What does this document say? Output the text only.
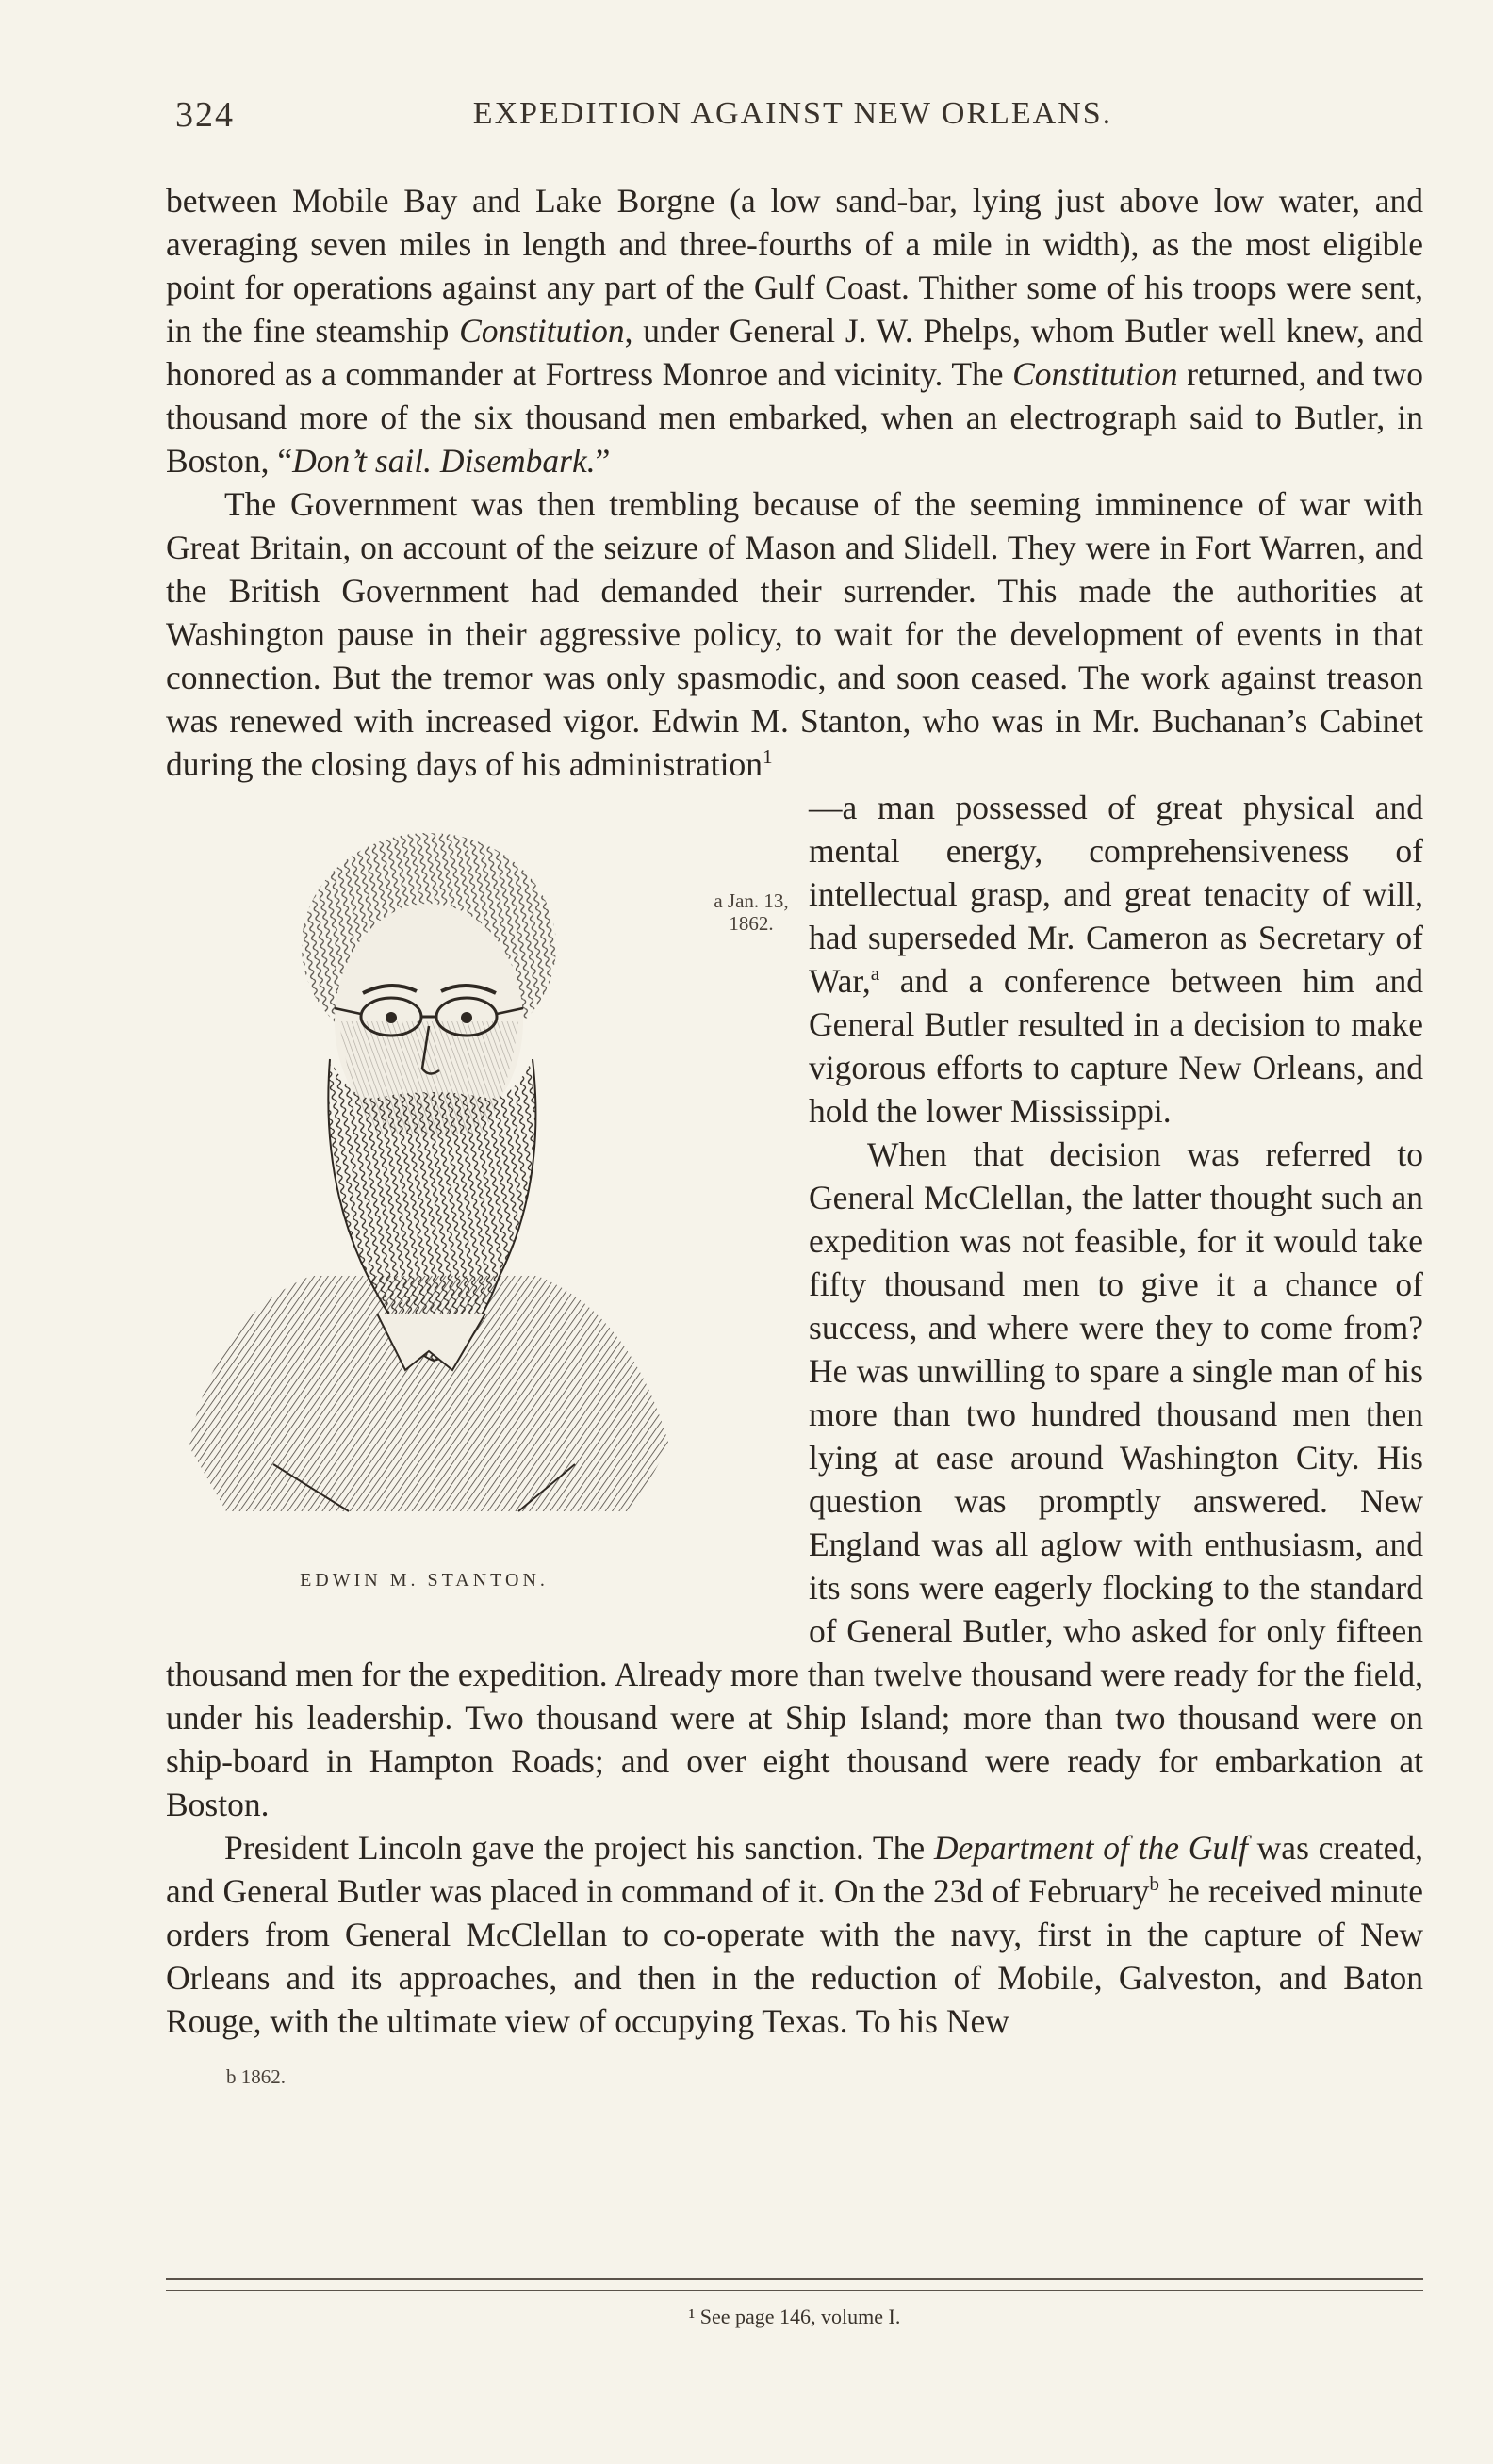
324	EXPEDITION AGAINST NEW ORLEANS.

between Mobile Bay and Lake Borgne (a low sand-bar, lying just above low water, and averaging seven miles in length and three-fourths of a mile in width), as the most eligible point for operations against any part of the Gulf Coast. Thither some of his troops were sent, in the fine steamship Constitution, under General J. W. Phelps, whom Butler well knew, and honored as a commander at Fortress Monroe and vicinity. The Constitution returned, and two thousand more of the six thousand men embarked, when an electrograph said to Butler, in Boston, “Don’t sail. Disembark.”

The Government was then trembling because of the seeming imminence of war with Great Britain, on account of the seizure of Mason and Slidell. They were in Fort Warren, and the British Government had demanded their surrender. This made the authorities at Washington pause in their aggressive policy, to wait for the development of events in that connection. But the tremor was only spasmodic, and soon ceased. The work against treason was renewed with increased vigor. Edwin M. Stanton, who was in Mr. Buchanan’s Cabinet during the closing days of his administration$^1$

a Jan. 13, 1862.
EDWIN M. STANTON.

—a man possessed of great physical and mental energy, comprehensiveness of intellectual grasp, and great tenacity of will, had superseded Mr. Cameron as Secretary of War,$^a$ and a conference between him and General Butler resulted in a decision to make vigorous efforts to capture New Orleans, and hold the lower Mississippi.

When that decision was referred to General McClellan, the latter thought such an expedition was not feasible, for it would take fifty thousand men to give it a chance of success, and where were they to come from? He was unwilling to spare a single man of his more than two hundred thousand men then lying at ease around Washington City. His question was promptly answered. New England was all aglow with enthusiasm, and its sons were eagerly flocking to the standard of General Butler, who asked for only fifteen thousand men for the expedition. Already more than twelve thousand were ready for the field, under his leadership. Two thousand were at Ship Island; more than two thousand were on ship-board in Hampton Roads; and over eight thousand were ready for embarkation at Boston.

President Lincoln gave the project his sanction. The Department of the Gulf was created, and General Butler was placed in command of it. On the 23d of February$^b$ he received minute orders from General McClellan to co-operate with the navy, first in the capture of New Orleans and its approaches, and then in the reduction of Mobile, Galveston, and Baton Rouge, with the ultimate view of occupying Texas. To his New

b 1862.
¹ See page 146, volume I.
